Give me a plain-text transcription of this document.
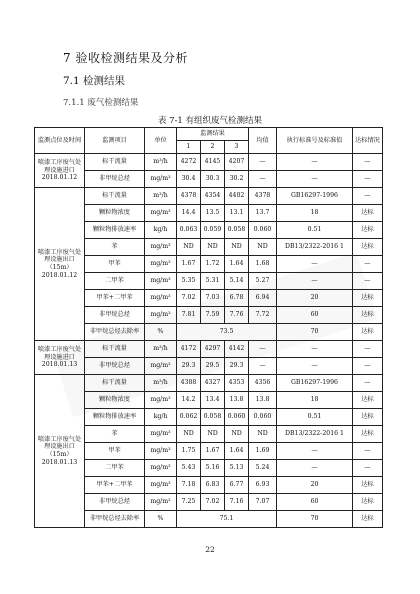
7 验收检测结果及分析
7.1 检测结果
7.1.1 废气检测结果
表 7-1 有组织废气检测结果
监测点位及时间	监测项目	单位	监测结果			均值	执行标准号及标准值	达标情况
			1	2	3			
喷漆工序废气处理设施进口2018.01.12	标干流量	m³/h	4272	4145	4207	—	—	—
	非甲烷总烃	mg/m³	30.4	30.3	30.2	—	—	—
喷漆工序废气处理设施出口（15m）2018.01.12	标干流量	m³/h	4378	4354	4402	4378	GB16297-1996	—
	颗粒物浓度	mg/m³	14.4	13.5	13.1	13.7	18	达标
	颗粒物排放速率	kg/h	0.063	0.059	0.058	0.060	0.51	达标
	苯	mg/m³	ND	ND	ND	ND	DB13/2322-2016 1	达标
	甲苯	mg/m³	1.67	1.72	1.64	1.68	—	—
	二甲苯	mg/m³	5.35	5.31	5.14	5.27	—	—
	甲苯+二甲苯	mg/m³	7.02	7.03	6.78	6.94	20	达标
	非甲烷总烃	mg/m³	7.81	7.59	7.76	7.72	60	达标
	非甲烷总烃去除率	%	73.5				70	达标
喷漆工序废气处理设施进口2018.01.13	标干流量	m³/h	4172	4297	4142	—	—	—
	非甲烷总烃	mg/m³	29.3	29.5	29.3	—	—	—
喷漆工序废气处理设施出口（15m）2018.01.13	标干流量	m³/h	4388	4327	4353	4356	GB16297-1996	—
	颗粒物浓度	mg/m³	14.2	13.4	13.8	13.8	18	达标
	颗粒物排放速率	kg/h	0.062	0.058	0.060	0.060	0.51	达标
	苯	mg/m³	ND	ND	ND	ND	DB13/2322-2016 1	达标
	甲苯	mg/m³	1.75	1.67	1.64	1.69	—	—
	二甲苯	mg/m³	5.43	5.16	5.13	5.24	—	—
	甲苯+二甲苯	mg/m³	7.18	6.83	6.77	6.93	20	达标
	非甲烷总烃	mg/m³	7.25	7.02	7.16	7.07	60	达标
	非甲烷总烃去除率	%	75.1				70	达标
22
